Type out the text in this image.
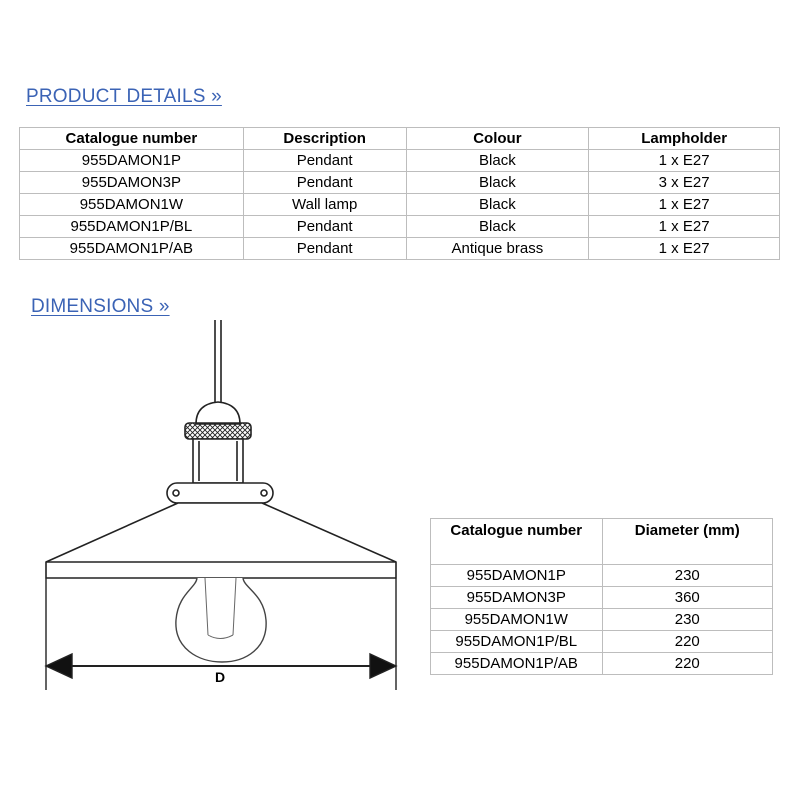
PRODUCT DETAILS »
Catalogue number	Description	Colour	Lampholder
955DAMON1P	Pendant	Black	1 x E27
955DAMON3P	Pendant	Black	3 x E27
955DAMON1W	Wall lamp	Black	1 x E27
955DAMON1P/BL	Pendant	Black	1 x E27
955DAMON1P/AB	Pendant	Antique brass	1 x E27
DIMENSIONS »
D
Catalogue number	Diameter (mm)
955DAMON1P	230
955DAMON3P	360
955DAMON1W	230
955DAMON1P/BL	220
955DAMON1P/AB	220
